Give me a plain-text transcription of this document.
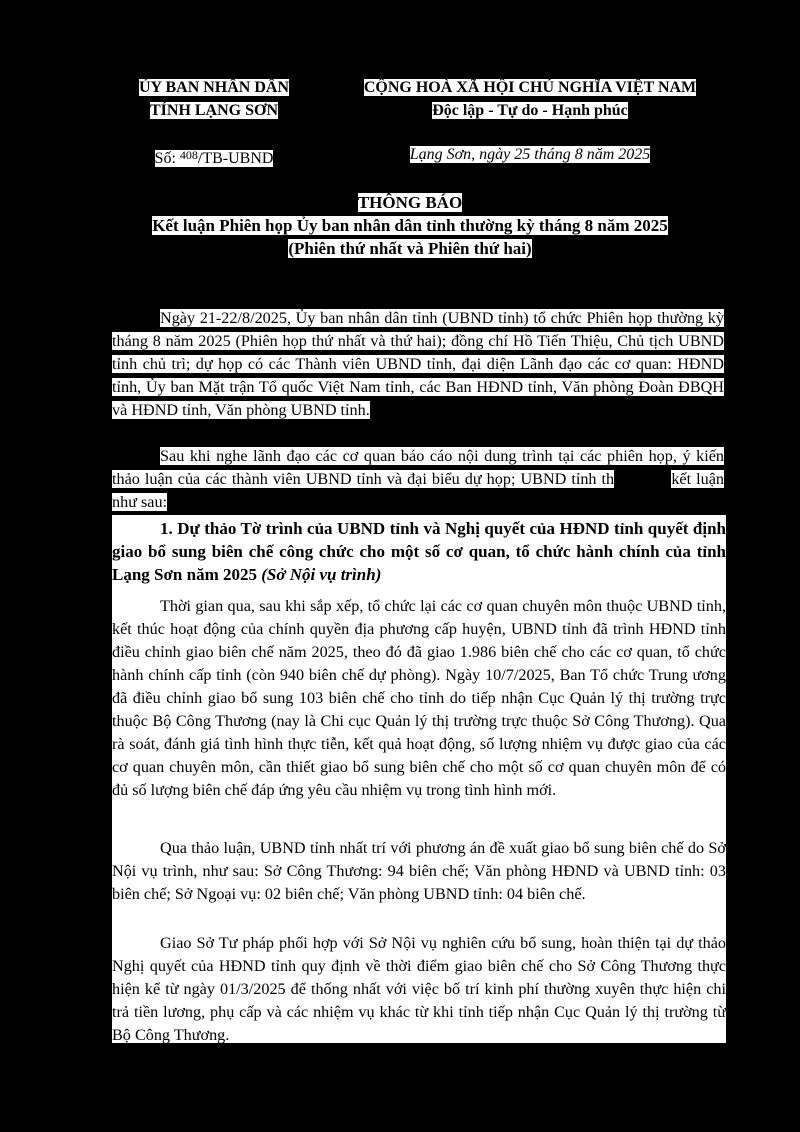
ỦY BAN NHÂN DÂN
TỈNH LẠNG SƠN
CỘNG HOÀ XÃ HỘI CHỦ NGHĨA VIỆT NAM
Độc lập - Tự do - Hạnh phúc
Số: $^{408}$/TB-UBND	Lạng Sơn, ngày 25 tháng 8 năm 2025
THÔNG BÁO
Kết luận Phiên họp Ủy ban nhân dân tỉnh thường kỳ tháng 8 năm 2025
(Phiên thứ nhất và Phiên thứ hai)

Ngày 21-22/8/2025, Ủy ban nhân dân tỉnh (UBND tỉnh) tổ chức Phiên họp thường kỳ tháng 8 năm 2025 (Phiên họp thứ nhất và thứ hai); đồng chí Hồ Tiến Thiệu, Chủ tịch UBND tỉnh chủ trì; dự họp có các Thành viên UBND tỉnh, đại diện Lãnh đạo các cơ quan: HĐND tỉnh, Ủy ban Mặt trận Tổ quốc Việt Nam tỉnh, các Ban HĐND tỉnh, Văn phòng Đoàn ĐBQH và HĐND tỉnh, Văn phòng UBND tỉnh.

Sau khi nghe lãnh đạo các cơ quan báo cáo nội dung trình tại các phiên họp, ý kiến thảo luận của các thành viên UBND tỉnh và đại biểu dự họp; UBND tỉnh thống nhấtkết luận như sau:

1. Dự thảo Tờ trình của UBND tỉnh và Nghị quyết của HĐND tỉnh quyết định giao bổ sung biên chế công chức cho một số cơ quan, tổ chức hành chính của tỉnh Lạng Sơn năm 2025 (Sở Nội vụ trình)

Thời gian qua, sau khi sắp xếp, tổ chức lại các cơ quan chuyên môn thuộc UBND tỉnh, kết thúc hoạt động của chính quyền địa phương cấp huyện, UBND tỉnh đã trình HĐND tỉnh điều chỉnh giao biên chế năm 2025, theo đó đã giao 1.986 biên chế cho các cơ quan, tổ chức hành chính cấp tỉnh (còn 940 biên chế dự phòng). Ngày 10/7/2025, Ban Tổ chức Trung ương đã điều chỉnh giao bổ sung 103 biên chế cho tỉnh do tiếp nhận Cục Quản lý thị trường trực thuộc Bộ Công Thương (nay là Chi cục Quản lý thị trường trực thuộc Sở Công Thương). Qua rà soát, đánh giá tình hình thực tiễn, kết quả hoạt động, số lượng nhiệm vụ được giao của các cơ quan chuyên môn, cần thiết giao bổ sung biên chế cho một số cơ quan chuyên môn để có đủ số lượng biên chế đáp ứng yêu cầu nhiệm vụ trong tình hình mới.

Qua thảo luận, UBND tỉnh nhất trí với phương án đề xuất giao bổ sung biên chế do Sở Nội vụ trình, như sau: Sở Công Thương: 94 biên chế; Văn phòng HĐND và UBND tỉnh: 03 biên chế; Sở Ngoại vụ: 02 biên chế; Văn phòng UBND tỉnh: 04 biên chế.

Giao Sở Tư pháp phối hợp với Sở Nội vụ nghiên cứu bổ sung, hoàn thiện tại dự thảo Nghị quyết của HĐND tỉnh quy định về thời điểm giao biên chế cho Sở Công Thương thực hiện kể từ ngày 01/3/2025 để thống nhất với việc bố trí kinh phí thường xuyên thực hiện chi trả tiền lương, phụ cấp và các nhiệm vụ khác từ khi tỉnh tiếp nhận Cục Quản lý thị trường từ Bộ Công Thương.
